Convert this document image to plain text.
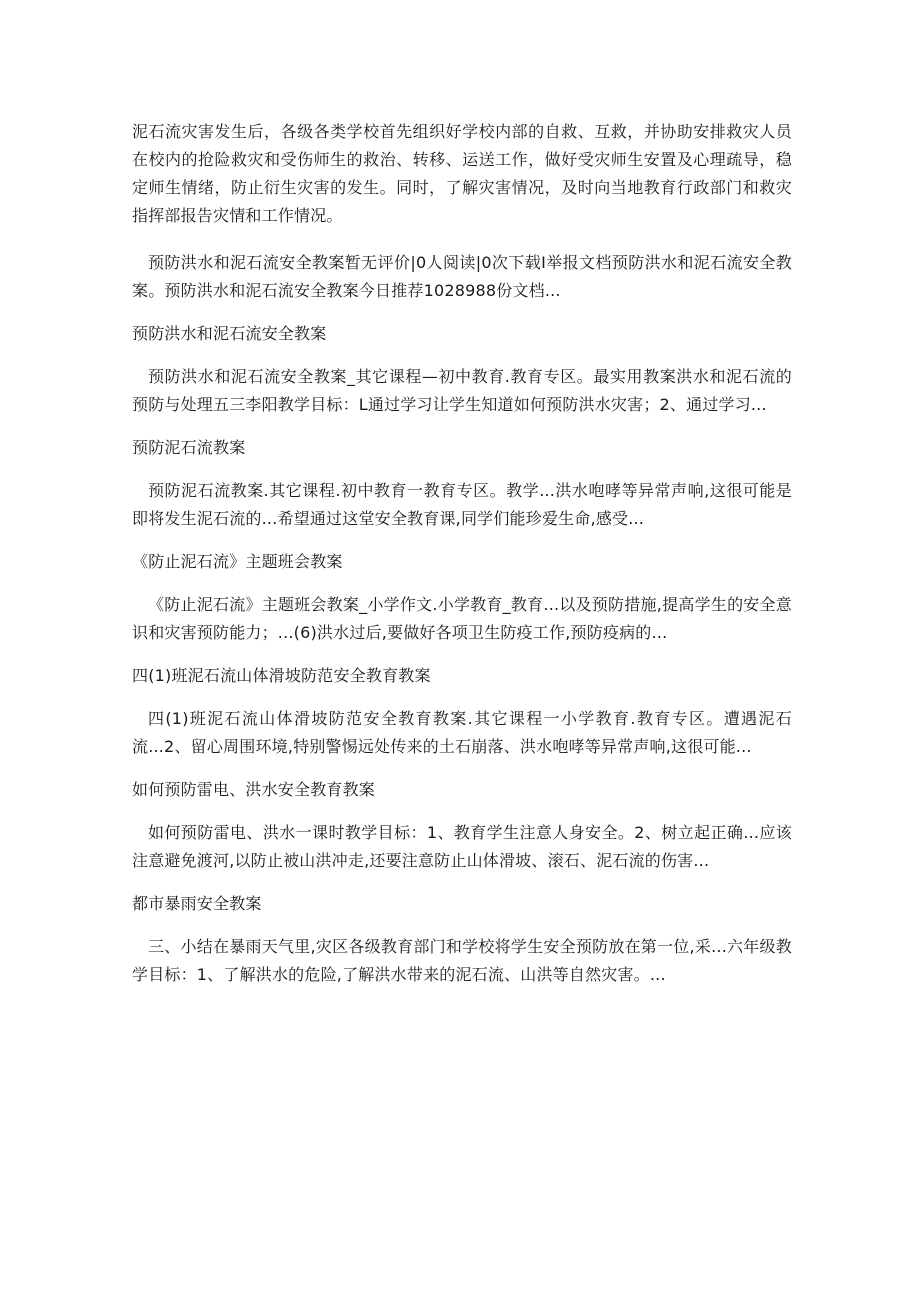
泥石流灾害发生后，各级各类学校首先组织好学校内部的自救、互救，并协助安排救灾人员在校内的抢险救灾和受伤师生的救治、转移、运送工作，做好受灾师生安置及心理疏导，稳定师生情绪，防止衍生灾害的发生。同时，了解灾害情况，及时向当地教育行政部门和救灾指挥部报告灾情和工作情况。

预防洪水和泥石流安全教案暂无评价|0人阅读|0次下载I举报文档预防洪水和泥石流安全教案。预防洪水和泥石流安全教案今日推荐1028988份文档...

预防洪水和泥石流安全教案

预防洪水和泥石流安全教案_其它课程—初中教育.教育专区。最实用教案洪水和泥石流的预防与处理五三李阳教学目标：L通过学习让学生知道如何预防洪水灾害；2、通过学习...

预防泥石流教案

预防泥石流教案.其它课程.初中教育一教育专区。教学...洪水咆哮等异常声响,这很可能是即将发生泥石流的...希望通过这堂安全教育课,同学们能珍爱生命,感受...

《防止泥石流》主题班会教案

《防止泥石流》主题班会教案_小学作文.小学教育_教育...以及预防措施,提高学生的安全意识和灾害预防能力；...(6)洪水过后,要做好各项卫生防疫工作,预防疫病的...

四(1)班泥石流山体滑坡防范安全教育教案

四(1)班泥石流山体滑坡防范安全教育教案.其它课程一小学教育.教育专区。遭遇泥石流...2、留心周围环境,特别警惕远处传来的土石崩落、洪水咆哮等异常声响,这很可能...

如何预防雷电、洪水安全教育教案

如何预防雷电、洪水一课时教学目标：1、教育学生注意人身安全。2、树立起正确...应该注意避免渡河,以防止被山洪冲走,还要注意防止山体滑坡、滚石、泥石流的伤害...

都市暴雨安全教案

三、小结在暴雨天气里,灾区各级教育部门和学校将学生安全预防放在第一位,采...六年级教学目标：1、了解洪水的危险,了解洪水带来的泥石流、山洪等自然灾害。...
